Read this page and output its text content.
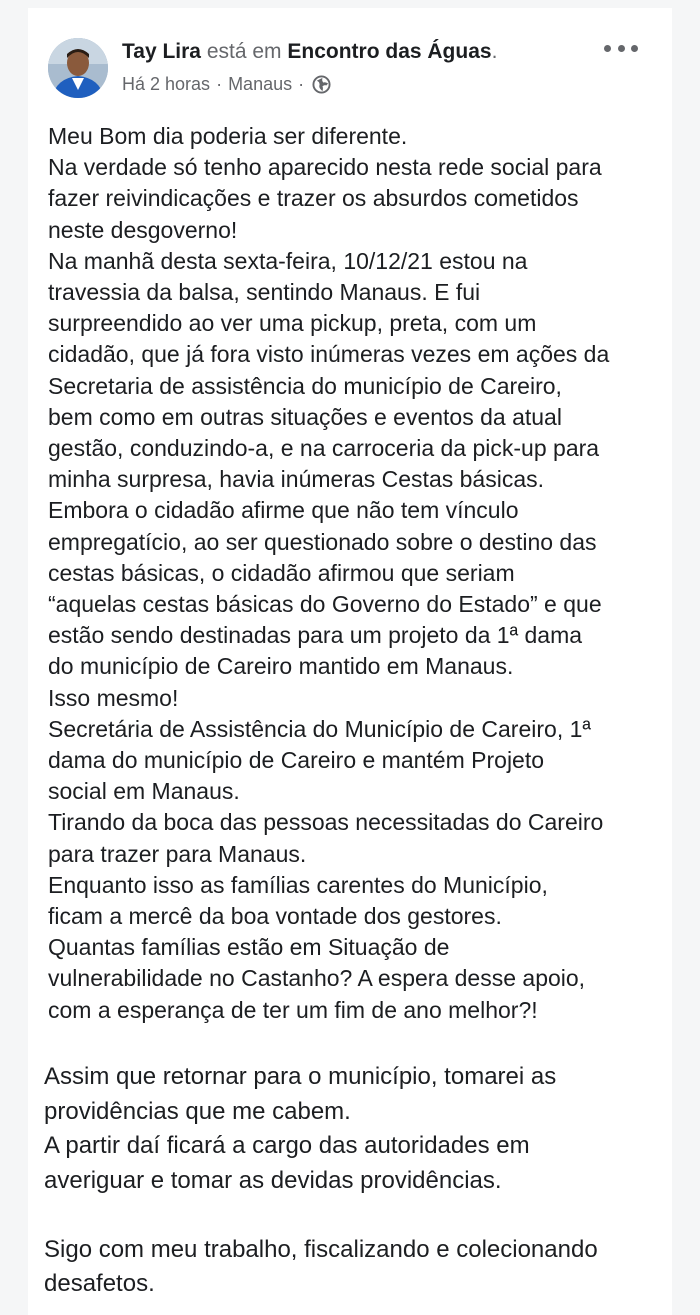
Tay Lira está em Encontro das Águas.
Há 2 horas · Manaus ·
Meu Bom dia poderia ser diferente.
Na verdade só tenho aparecido nesta rede social para
fazer reivindicações e trazer os absurdos cometidos
neste desgoverno!
Na manhã desta sexta-feira, 10/12/21 estou na
travessia da balsa, sentindo Manaus. E fui
surpreendido ao ver uma pickup, preta, com um
cidadão, que já fora visto inúmeras vezes em ações da
Secretaria de assistência do município de Careiro,
bem como em outras situações e eventos da atual
gestão, conduzindo-a, e na carroceria da pick-up para
minha surpresa, havia inúmeras Cestas básicas.
Embora o cidadão afirme que não tem vínculo
empregatício, ao ser questionado sobre o destino das
cestas básicas, o cidadão afirmou que seriam
“aquelas cestas básicas do Governo do Estado” e que
estão sendo destinadas para um projeto da 1ª dama
do município de Careiro mantido em Manaus.
Isso mesmo!
Secretária de Assistência do Município de Careiro, 1ª
dama do município de Careiro e mantém Projeto
social em Manaus.
Tirando da boca das pessoas necessitadas do Careiro
para trazer para Manaus.
Enquanto isso as famílias carentes do Município,
ficam a mercê da boa vontade dos gestores.
Quantas famílias estão em Situação de
vulnerabilidade no Castanho? A espera desse apoio,
com a esperança de ter um fim de ano melhor?!
Assim que retornar para o município, tomarei as
providências que me cabem.
A partir daí ficará a cargo das autoridades em
averiguar e tomar as devidas providências.
Sigo com meu trabalho, fiscalizando e colecionando
desafetos.
